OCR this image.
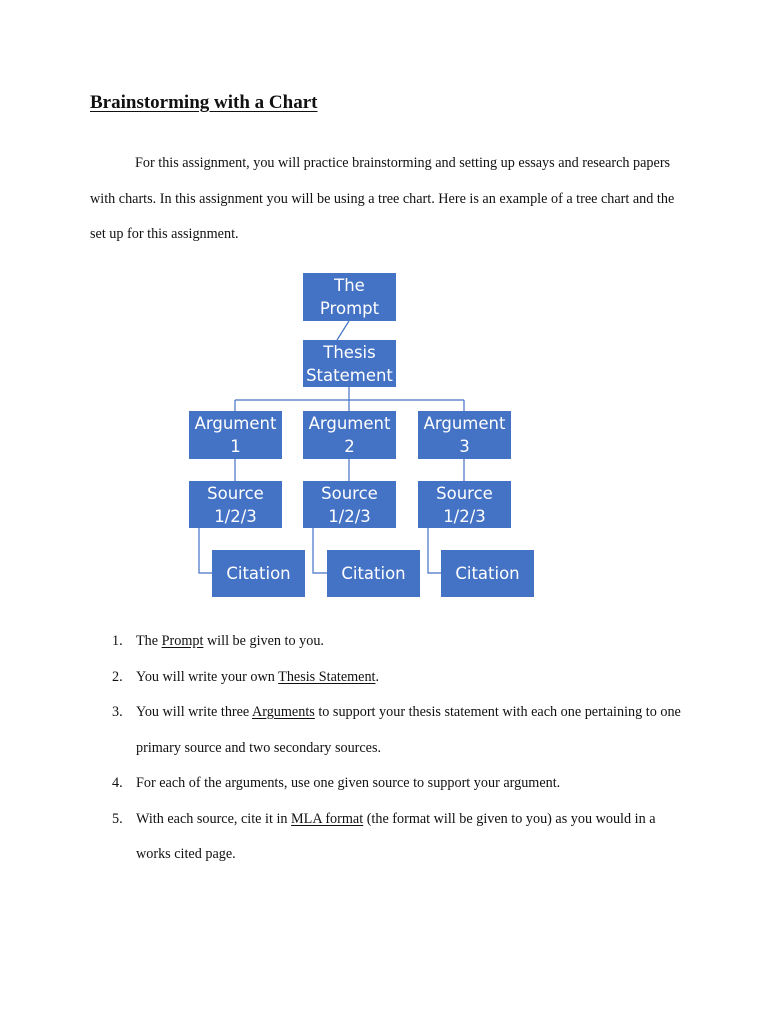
Brainstorming with a Chart

For this assignment, you will practice brainstorming and setting up essays and research papers with charts. In this assignment you will be using a tree chart. Here is an example of a tree chart and the set up for this assignment.

The
Prompt
Thesis
Statement
Argument
1
Argument
2
Argument
3
Source
1/2/3
Source
1/2/3
Source
1/2/3
Citation	Citation	Citation
1. The Prompt will be given to you.
2. You will write your own Thesis Statement.
3. You will write three Arguments to support your thesis statement with each one pertaining to one primary source and two secondary sources.
4. For each of the arguments, use one given source to support your argument.
5. With each source, cite it in MLA format (the format will be given to you) as you would in a works cited page.
